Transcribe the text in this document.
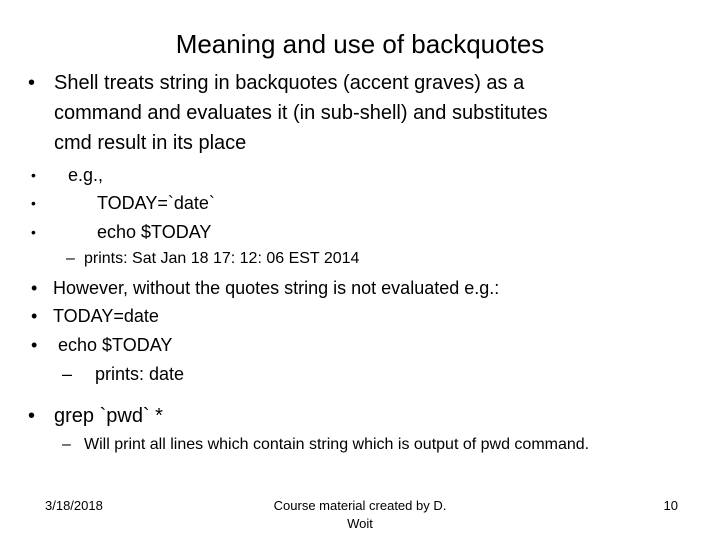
Meaning and use of backquotes
• Shell treats string in backquotes (accent graves) as a
command and evaluates it (in sub-shell) and substitutes
cmd result in its place
• e.g.,
•	TODAY=`date`
•	echo $TODAY
– prints: Sat Jan 18 17: 12: 06 EST 2014
• However, without the quotes string is not evaluated e.g.:
• TODAY=date
• echo $TODAY
– prints: date
• grep `pwd` *
– Will print all lines which contain string which is output of pwd command.
3/18/2018	Course material created by D.
Woit
10
